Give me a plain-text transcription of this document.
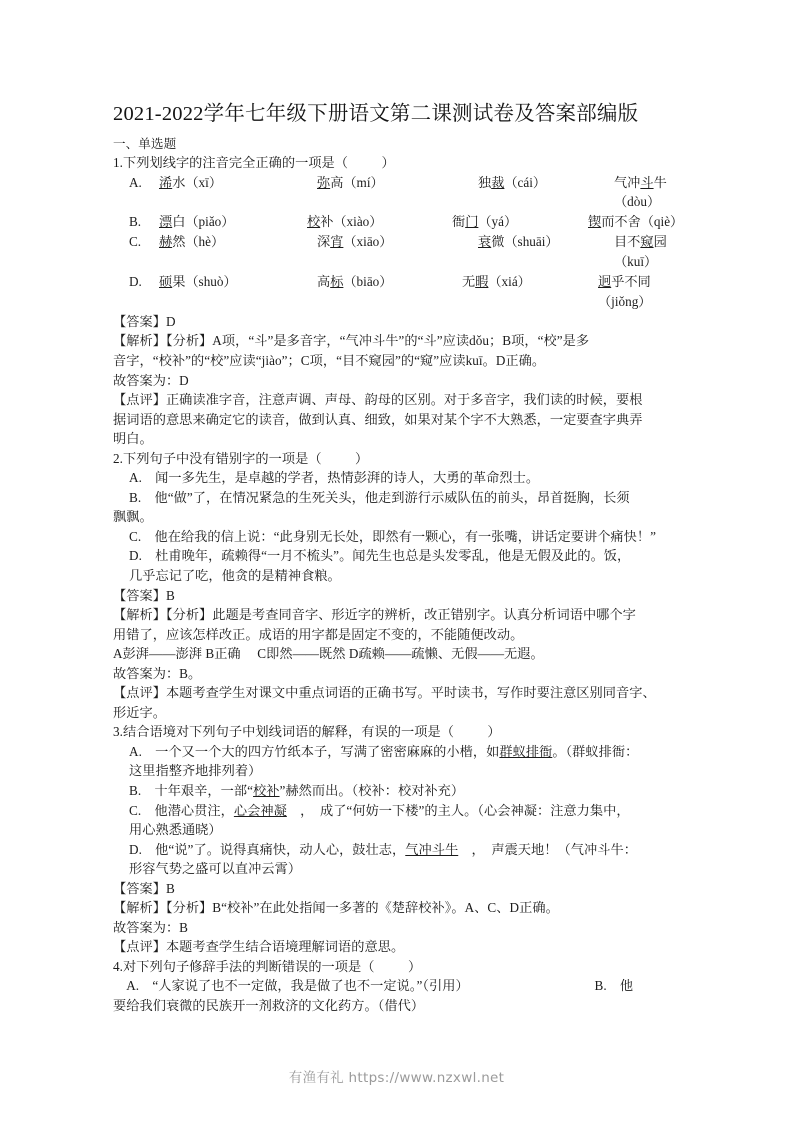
2021-2022学年七年级下册语文第二课测试卷及答案部编版
一、单选题
1.下列划线字的注音完全正确的一项是（          ）
A.	浠水（xī）	弥高（mí）	独裁（cái）	气冲斗牛（dòu）
B.	漂白（piǎo）	校补（xiào）	衙门（yá）	锲而不舍（qiè）
C.	赫然（hè）	深宵（xiāo）	衰微（shuāi）	目不窥园（kuī）
D.	硕果（shuò）	高标（biāo）	无暇（xiá）	迥乎不同（jiǒng）
【答案】D
【解析】【分析】A项，“斗”是多音字，“气冲斗牛”的“斗”应读dǒu；B项，“校”是多
音字，“校补”的“校”应读“jiào”；C项，“目不窥园”的“窥”应读kuī。D正确。
故答案为：D
【点评】正确读准字音，注意声调、声母、韵母的区别。对于多音字，我们读的时候，要根
据词语的意思来确定它的读音，做到认真、细致，如果对某个字不大熟悉，一定要查字典弄
明白。
2.下列句子中没有错别字的一项是（          ）
A.　 闻一多先生，是卓越的学者，热情彭湃的诗人，大勇的革命烈士。
B.　 他“做”了，在情况紧急的生死关头，他走到游行示威队伍的前头，昂首挺胸，长须
飘飘。
C.　 他在给我的信上说：“此身别无长处，即然有一颗心，有一张嘴，讲话定要讲个痛快！”
D.　 杜甫晚年，疏赖得“一月不梳头”。闻先生也总是头发零乱，他是无假及此的。饭，
几乎忘记了吃，他贪的是精神食粮。
【答案】B
【解析】【分析】此题是考查同音字、形近字的辨析，改正错别字。认真分析词语中哪个字
用错了，应该怎样改正。成语的用字都是固定不变的，不能随便改动。
A彭湃——澎湃 B正确　 C即然——既然 D疏赖——疏懒、无假——无遐。
故答案为：B。
【点评】本题考查学生对课文中重点词语的正确书写。平时读书，写作时要注意区别同音字、
形近字。
3.结合语境对下列句子中划线词语的解释，有误的一项是（          ）
A.　 一个又一个大的四方竹纸本子，写满了密密麻麻的小楷，如群蚁排衙。（群蚁排衙：
这里指整齐地排列着）
B.　 十年艰辛，一部“校补”赫然而出。（校补：校对补充）
C.　 他潜心贯注，心会神凝　，　成了“何妨一下楼”的主人。（心会神凝：注意力集中，
用心熟悉通晓）
D.　 他“说”了。说得真痛快，动人心，鼓壮志，气冲斗牛　，　声震天地！（气冲斗牛：
形容气势之盛可以直冲云霄）
【答案】B
【解析】【分析】B“校补”在此处指闻一多著的《楚辞校补》。A、C、D正确。
故答案为：B
【点评】本题考查学生结合语境理解词语的意思。
4.对下列句子修辞手法的判断错误的一项是（          ）
　A.　“人家说了也不一定做，我是做了也不一定说。”（引用）　　　　　　　　　　B.　他
要给我们衰微的民族开一剂救济的文化药方。（借代）
有渔有礼 https://www.nzxwl.net
